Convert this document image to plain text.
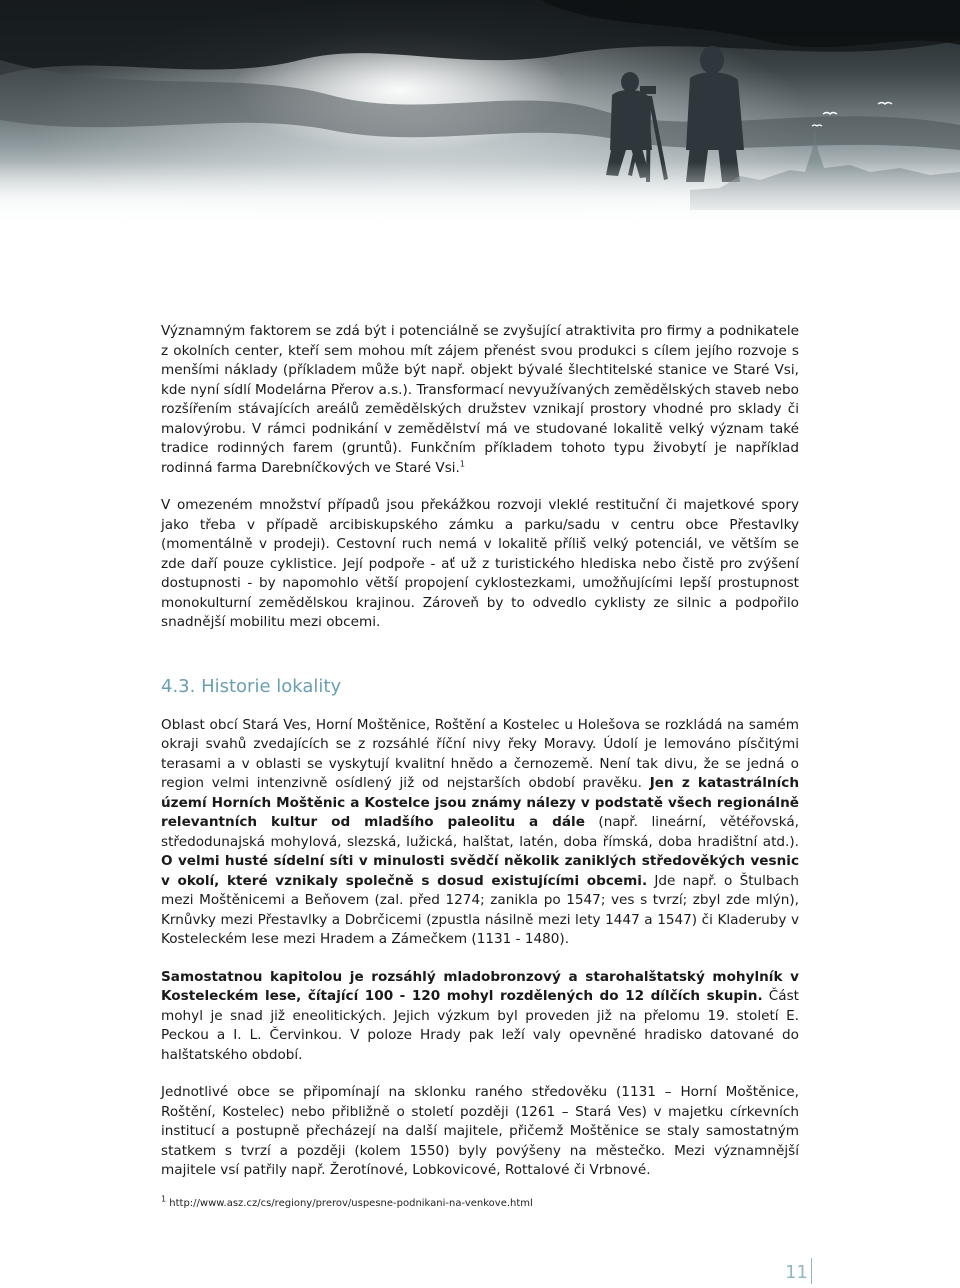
Významným faktorem se zdá být i potenciálně se zvyšující atraktivita pro firmy a podnikatele z okolních center, kteří sem mohou mít zájem přenést svou produkci s cílem jejího rozvoje s menšími náklady (příkladem může být např. objekt bývalé šlechtitelské stanice ve Staré Vsi, kde nyní sídlí Modelárna Přerov a.s.). Transformací nevyužívaných zemědělských staveb nebo rozšířením stávajících areálů zemědělských družstev vznikají prostory vhodné pro sklady či malovýrobu. V rámci podnikání v zemědělství má ve studované lokalitě velký význam také tradice rodinných farem (gruntů). Funkčním příkladem tohoto typu živobytí je například rodinná farma Darebníčkových ve Staré Vsi.$^1$

V omezeném množství případů jsou překážkou rozvoji vleklé restituční či majetkové spory jako třeba v případě arcibiskupského zámku a parku/sadu v centru obce Přestavlky (momentálně v prodeji). Cestovní ruch nemá v lokalitě příliš velký potenciál, ve větším se zde daří pouze cyklistice. Její podpoře - ať už z turistického hlediska nebo čistě pro zvýšení dostupnosti - by napomohlo větší propojení cyklostezkami, umožňujícími lepší prostupnost monokulturní zemědělskou krajinou. Zároveň by to odvedlo cyklisty ze silnic a podpořilo snadnější mobilitu mezi obcemi.

4.3. Historie lokality

Oblast obcí Stará Ves, Horní Moštěnice, Roštění a Kostelec u Holešova se rozkládá na samém okraji svahů zvedajících se z rozsáhlé říční nivy řeky Moravy. Údolí je lemováno písčitými terasami a v oblasti se vyskytují kvalitní hnědo a černozemě. Není tak divu, že se jedná o region velmi intenzivně osídlený již od nejstarších období pravěku. Jen z katastrálních území Horních Moštěnic a Kostelce jsou známy nálezy v podstatě všech regionálně relevantních kultur od mladšího paleolitu a dále (např. lineární, větéřovská, středodunajská mohylová, slezská, lužická, halštat, latén, doba římská, doba hradištní atd.). O velmi husté sídelní síti v minulosti svědčí několik zaniklých středověkých vesnic v okolí, které vznikaly společně s dosud existujícími obcemi. Jde např. o Štulbach mezi Moštěnicemi a Beňovem (zal. před 1274; zanikla po 1547; ves s tvrzí; zbyl zde mlýn), Krnůvky mezi Přestavlky a Dobrčicemi (zpustla násilně mezi lety 1447 a 1547) či Kladeruby v Kosteleckém lese mezi Hradem a Zámečkem (1131 - 1480).

Samostatnou kapitolou je rozsáhlý mladobronzový a starohalštatský mohylník v Kosteleckém lese, čítající 100 - 120 mohyl rozdělených do 12 dílčích skupin. Část mohyl je snad již eneolitických. Jejich výzkum byl proveden již na přelomu 19. století E. Peckou a I. L. Červinkou. V poloze Hrady pak leží valy opevněné hradisko datované do halštatského období.

Jednotlivé obce se připomínají na sklonku raného středověku (1131 – Horní Moštěnice, Roštění, Kostelec) nebo přibližně o století později (1261 – Stará Ves) v majetku církevních institucí a postupně přecházejí na další majitele, přičemž Moštěnice se staly samostatným statkem s tvrzí a později (kolem 1550) byly povýšeny na městečko. Mezi významnější majitele vsí patřily např. Žerotínové, Lobkovicové, Rottalové či Vrbnové.

$^1$ http://www.asz.cz/cs/regiony/prerov/uspesne-podnikani-na-venkove.html
11
